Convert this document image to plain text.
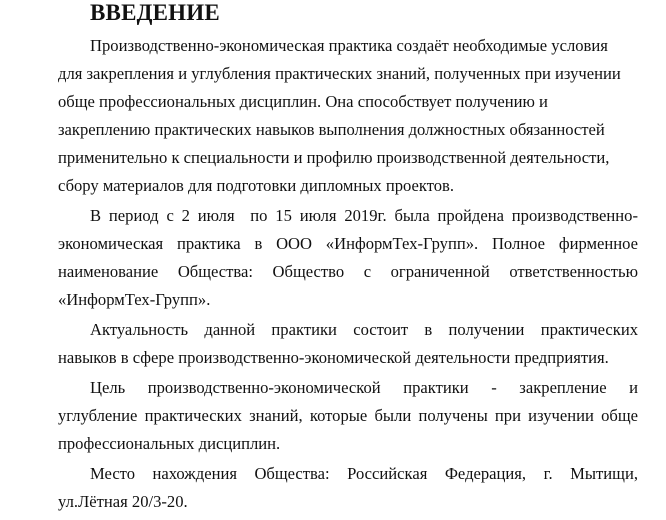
ВВЕДЕНИЕ
Производственно-экономическая практика создаёт необходимые условия
для закрепления и углубления практических знаний, полученных при изучении
обще профессиональных дисциплин. Она способствует получению и
закреплению практических навыков выполнения должностных обязанностей
применительно к специальности и профилю производственной деятельности,
сбору материалов для подготовки дипломных проектов.
В период с 2 июля  по 15 июля 2019г. была пройдена производственно-
экономическая практика в ООО «ИнформТех-Групп». Полное фирменное
наименование Общества: Общество с ограниченной ответственностью
«ИнформТех-Групп».
Актуальность данной практики состоит в получении практических
навыков в сфере производственно-экономической деятельности предприятия.
Цель производственно-экономической практики - закрепление и
углубление практических знаний, которые были получены при изучении обще
профессиональных дисциплин.
Место нахождения Общества: Российская Федерация, г. Мытищи,
ул.Лётная 20/3-20.
